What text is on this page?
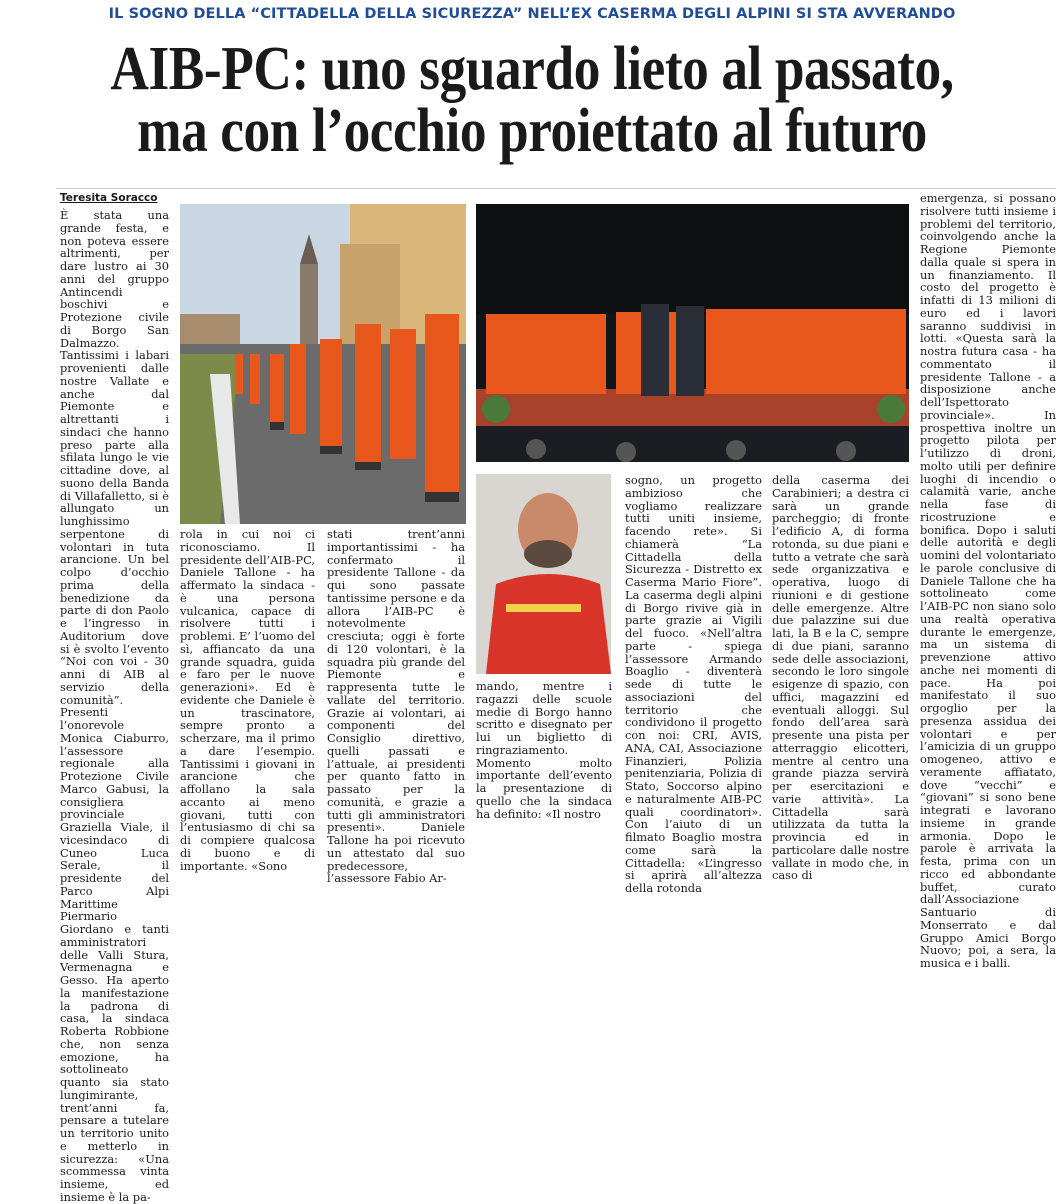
IL SOGNO DELLA “CITTADELLA DELLA SICUREZZA” NELL’EX CASERMA DEGLI ALPINI SI STA AVVERANDO
AIB-PC: uno sguardo lieto al passato,
ma con l’occhio proiettato al futuro
Teresita Soracco

È stata una grande festa, e non poteva essere altrimenti, per dare lustro ai 30 anni del gruppo Antincendi boschivi e Protezione civile di Borgo San Dalmazzo. Tantissimi i labari provenienti dalle nostre Vallate e anche dal Piemonte e altrettanti i sindaci che hanno preso parte alla sfilata lungo le vie cittadine dove, al suono della Banda di Villafalletto, si è allungato un lunghissimo serpentone di volontari in tuta arancione. Un bel colpo d’occhio prima della benedizione da parte di don Paolo e l’ingresso in Auditorium dove si è svolto l’evento “Noi con voi - 30 anni di AIB al servizio della comunità”. Presenti l’onorevole Monica Ciaburro, l’assessore regionale alla Protezione Civile Marco Gabusi, la consigliera provinciale Graziella Viale, il vicesindaco di Cuneo Luca Serale, il presidente del Parco Alpi Marittime Piermario Giordano e tanti amministratori delle Valli Stura, Vermenagna e Gesso. Ha aperto la manifestazione la padrona di casa, la sindaca Roberta Robbione che, non senza emozione, ha sottolineato quanto sia stato lungimirante, trent’anni fa, pensare a tutelare un territorio unito e metterlo in sicurezza: «Una scommessa vinta insieme, ed insieme è la pa-

rola in cui noi ci riconosciamo. Il presidente dell’AIB-PC, Daniele Tallone - ha affermato la sindaca - è una persona vulcanica, capace di risolvere tutti i problemi. E’ l’uomo del sì, affiancato da una grande squadra, guida e faro per le nuove generazioni». Ed è evidente che Daniele è un trascinatore, sempre pronto a scherzare, ma il primo a dare l’esempio. Tantissimi i giovani in arancione che affollano la sala accanto ai meno giovani, tutti con l’entusiasmo di chi sa di compiere qualcosa di buono e di importante. «Sono

stati trent’anni importantissimi - ha confermato il presidente Tallone - da qui sono passate tantissime persone e da allora l’AIB-PC è notevolmente cresciuta; oggi è forte di 120 volontari, è la squadra più grande del Piemonte e rappresenta tutte le vallate del territorio. Grazie ai volontari, ai componenti del Consiglio direttivo, quelli passati e l’attuale, ai presidenti per quanto fatto in passato per la comunità, e grazie a tutti gli amministratori presenti». Daniele Tallone ha poi ricevuto un attestato dal suo predecessore, l’assessore Fabio Ar-

mando, mentre i ragazzi delle scuole medie di Borgo hanno scritto e disegnato per lui un biglietto di ringraziamento. Momento molto importante dell’evento la presentazione di quello che la sindaca ha definito: «Il nostro

sogno, un progetto ambizioso che vogliamo realizzare tutti uniti insieme, facendo rete». Si chiamerà “La Cittadella della Sicurezza - Distretto ex Caserma Mario Fiore”. La caserma degli alpini di Borgo rivive già in parte grazie ai Vigili del fuoco. «Nell’altra parte - spiega l’assessore Armando Boaglio - diventerà sede di tutte le associazioni del territorio che condividono il progetto con noi: CRI, AVIS, ANA, CAI, Associazione Finanzieri, Polizia penitenziaria, Polizia di Stato, Soccorso alpino e naturalmente AIB-PC quali coordinatori». Con l’aiuto di un filmato Boaglio mostra come sarà la Cittadella: «L’ingresso si aprirà all’altezza della rotonda

della caserma dei Carabinieri; a destra ci sarà un grande parcheggio; di fronte l’edificio A, di forma rotonda, su due piani e tutto a vetrate che sarà sede organizzativa e operativa, luogo di riunioni e di gestione delle emergenze. Altre due palazzine sui due lati, la B e la C, sempre di due piani, saranno sede delle associazioni, secondo le loro singole esigenze di spazio, con uffici, magazzini ed eventuali alloggi. Sul fondo dell’area sarà presente una pista per atterraggio elicotteri, mentre al centro una grande piazza servirà per esercitazioni e varie attività». La Cittadella sarà utilizzata da tutta la provincia ed in particolare dalle nostre vallate in modo che, in caso di

emergenza, si possano risolvere tutti insieme i problemi del territorio, coinvolgendo anche la Regione Piemonte dalla quale si spera in un finanziamento. Il costo del progetto è infatti di 13 milioni di euro ed i lavori saranno suddivisi in lotti. «Questa sarà la nostra futura casa - ha commentato il presidente Tallone - a disposizione anche dell’Ispettorato provinciale». In prospettiva inoltre un progetto pilota per l’utilizzo di droni, molto utili per definire luoghi di incendio o calamità varie, anche nella fase di ricostruzione e bonifica. Dopo i saluti delle autorità e degli uomini del volontariato le parole conclusive di Daniele Tallone che ha sottolineato come l’AIB-PC non siano solo una realtà operativa durante le emergenze, ma un sistema di prevenzione attivo anche nei momenti di pace. Ha poi manifestato il suo orgoglio per la presenza assidua dei volontari e per l’amicizia di un gruppo omogeneo, attivo e veramente affiatato, dove “vecchi” e “giovani” si sono bene integrati e lavorano insieme in grande armonia. Dopo le parole è arrivata la festa, prima con un ricco ed abbondante buffet, curato dall’Associazione Santuario di Monserrato e dal Gruppo Amici Borgo Nuovo; poi, a sera, la musica e i balli.
